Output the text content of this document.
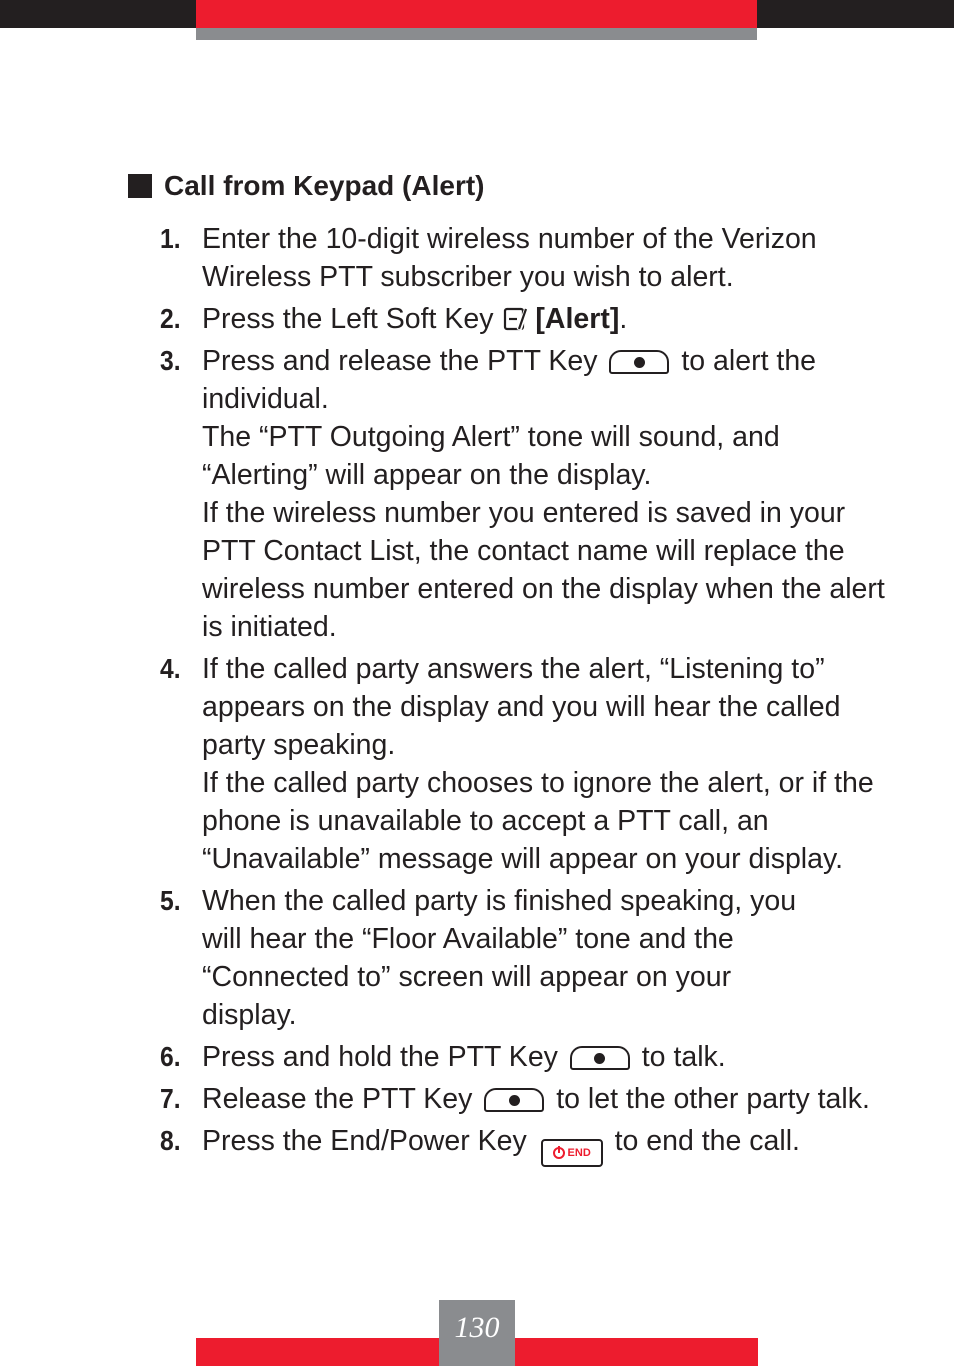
Call from Keypad (Alert)
1. Enter the 10-digit wireless number of the Verizon Wireless PTT subscriber you wish to alert.
2. Press the Left Soft Key [Alert].
3. Press and release the PTT Key	to alert the individual.
The “PTT Outgoing Alert” tone will sound, and “Alerting” will appear on the display.
If the wireless number you entered is saved in your PTT Contact List, the contact name will replace the wireless number entered on the display when the alert is initiated.
4. If the called party answers the alert, “Listening to” appears on the display and you will hear the called party speaking.
If the called party chooses to ignore the alert, or if the phone is unavailable to accept a PTT call, an “Unavailable” message will appear on your display.
5. When the called party is finished speaking, you will hear the “Floor Available” tone and the “Connected to” screen will appear on your display.
6. Press and hold the PTT Key	to talk.
7. Release the PTT Key	to let the other party talk.
8. Press the End/Power Key	END to end the call.
130
